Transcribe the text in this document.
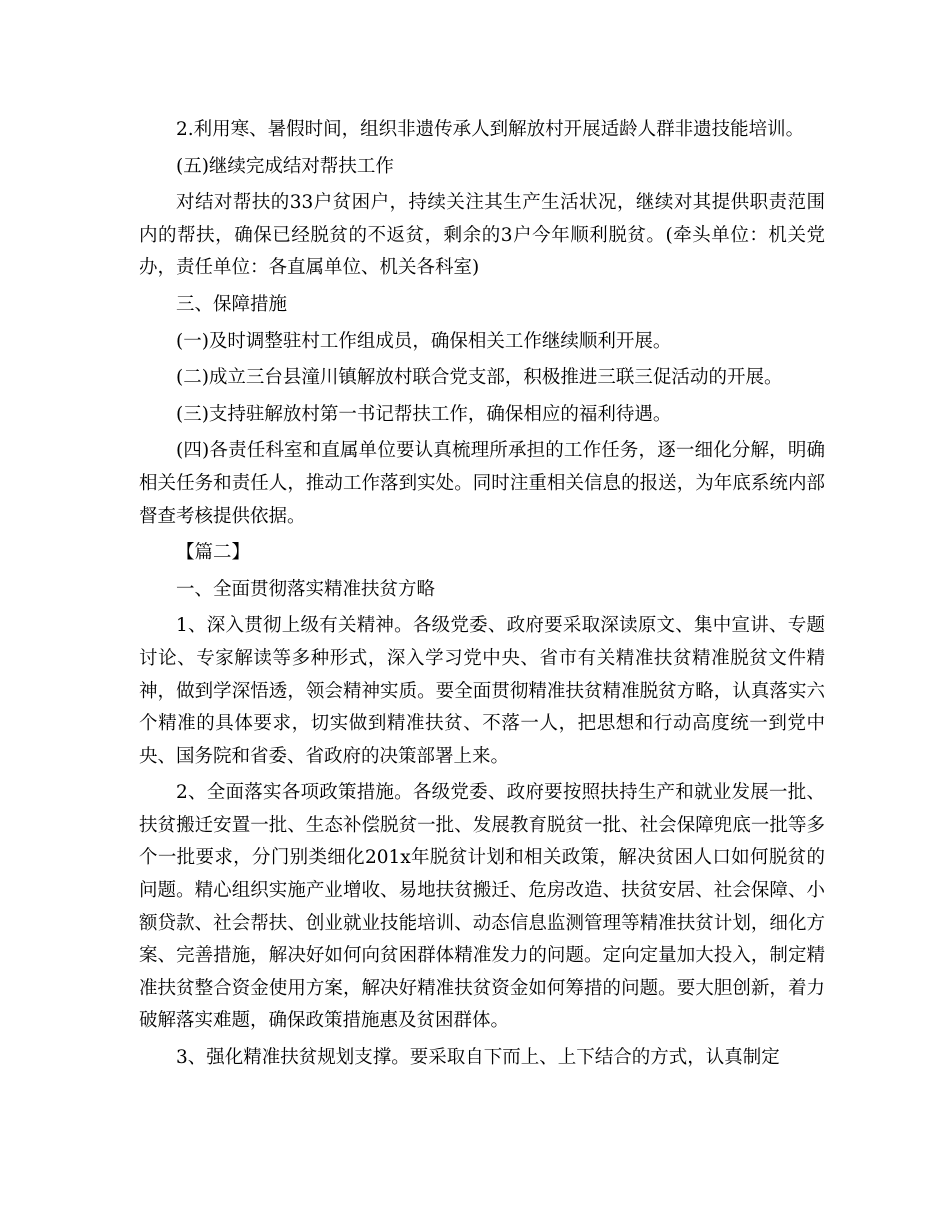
2.利用寒、暑假时间，组织非遗传承人到解放村开展适龄人群非遗技能培训。

(五)继续完成结对帮扶工作

对结对帮扶的33户贫困户，持续关注其生产生活状况，继续对其提供职责范围内的帮扶，确保已经脱贫的不返贫，剩余的3户今年顺利脱贫。(牵头单位：机关党办，责任单位：各直属单位、机关各科室)

三、保障措施

(一)及时调整驻村工作组成员，确保相关工作继续顺利开展。

(二)成立三台县潼川镇解放村联合党支部，积极推进三联三促活动的开展。

(三)支持驻解放村第一书记帮扶工作，确保相应的福利待遇。

(四)各责任科室和直属单位要认真梳理所承担的工作任务，逐一细化分解，明确相关任务和责任人，推动工作落到实处。同时注重相关信息的报送，为年底系统内部督查考核提供依据。

【篇二】

一、全面贯彻落实精准扶贫方略

1、深入贯彻上级有关精神。各级党委、政府要采取深读原文、集中宣讲、专题讨论、专家解读等多种形式，深入学习党中央、省市有关精准扶贫精准脱贫文件精神，做到学深悟透，领会精神实质。要全面贯彻精准扶贫精准脱贫方略，认真落实六个精准的具体要求，切实做到精准扶贫、不落一人，把思想和行动高度统一到党中央、国务院和省委、省政府的决策部署上来。

2、全面落实各项政策措施。各级党委、政府要按照扶持生产和就业发展一批、扶贫搬迁安置一批、生态补偿脱贫一批、发展教育脱贫一批、社会保障兜底一批等多个一批要求，分门别类细化201x年脱贫计划和相关政策，解决贫困人口如何脱贫的问题。精心组织实施产业增收、易地扶贫搬迁、危房改造、扶贫安居、社会保障、小额贷款、社会帮扶、创业就业技能培训、动态信息监测管理等精准扶贫计划，细化方案、完善措施，解决好如何向贫困群体精准发力的问题。定向定量加大投入，制定精准扶贫整合资金使用方案，解决好精准扶贫资金如何筹措的问题。要大胆创新，着力破解落实难题，确保政策措施惠及贫困群体。

3、强化精准扶贫规划支撑。要采取自下而上、上下结合的方式，认真制定
